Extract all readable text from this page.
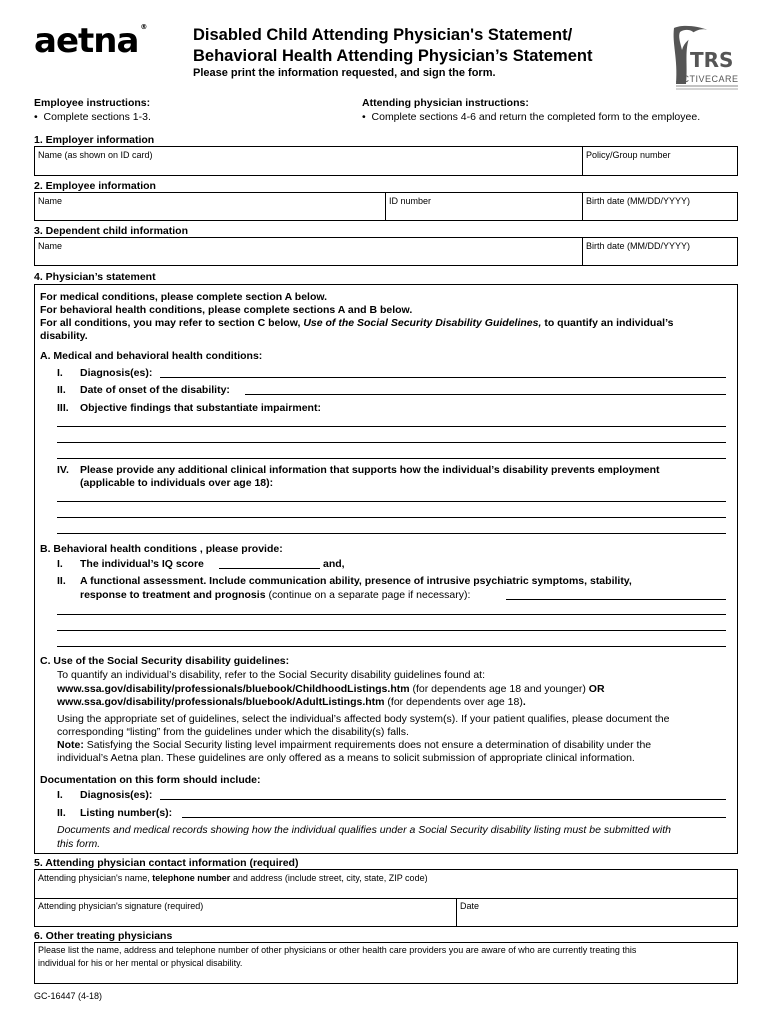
aetna ®	Disabled Child Attending Physician's Statement/
Behavioral Health Attending Physician’s Statement
Please print the information requested, and sign the form.
TRS
ACTIVECARE
Employee instructions:
•  Complete sections 1-3.
Attending physician instructions:
•  Complete sections 4-6 and return the completed form to the employee.
1. Employer information
Name (as shown on ID card)	Policy/Group number
2. Employee information
Name	ID number	Birth date (MM/DD/YYYY)
3. Dependent child information
Name	Birth date (MM/DD/YYYY)
4. Physician’s statement
For medical conditions, please complete section A below.
For behavioral health conditions, please complete sections A and B below.
For all conditions, you may refer to section C below, Use of the Social Security Disability Guidelines, to quantify an individual’s
disability.
A. Medical and behavioral health conditions:
I. Diagnosis(es):
II. Date of onset of the disability:
III. Objective findings that substantiate impairment:
IV. Please provide any additional clinical information that supports how the individual’s disability prevents employment
(applicable to individuals over age 18):
B. Behavioral health conditions , please provide:
I. The individual’s IQ score	and,
II. A functional assessment. Include communication ability, presence of intrusive psychiatric symptoms, stability,
response to treatment and prognosis (continue on a separate page if necessary):
C. Use of the Social Security disability guidelines:
To quantify an individual’s disability, refer to the Social Security disability guidelines found at:
www.ssa.gov/disability/professionals/bluebook/ChildhoodListings.htm (for dependents age 18 and younger) OR
www.ssa.gov/disability/professionals/bluebook/AdultListings.htm (for dependents over age 18).
Using the appropriate set of guidelines, select the individual’s affected body system(s). If your patient qualifies, please document the
corresponding “listing” from the guidelines under which the disability(s) falls.
Note: Satisfying the Social Security listing level impairment requirements does not ensure a determination of disability under the
individual’s Aetna plan. These guidelines are only offered as a means to solicit submission of appropriate clinical information.
Documentation on this form should include:
I. Diagnosis(es):
II. Listing number(s):
Documents and medical records showing how the individual qualifies under a Social Security disability listing must be submitted with
this form.
5. Attending physician contact information (required)
Attending physician's name, telephone number and address (include street, city, state, ZIP code)
Attending physician's signature (required)	Date
6. Other treating physicians
Please list the name, address and telephone number of other physicians or other health care providers you are aware of who are currently treating this
individual for his or her mental or physical disability.
GC-16447 (4-18)
